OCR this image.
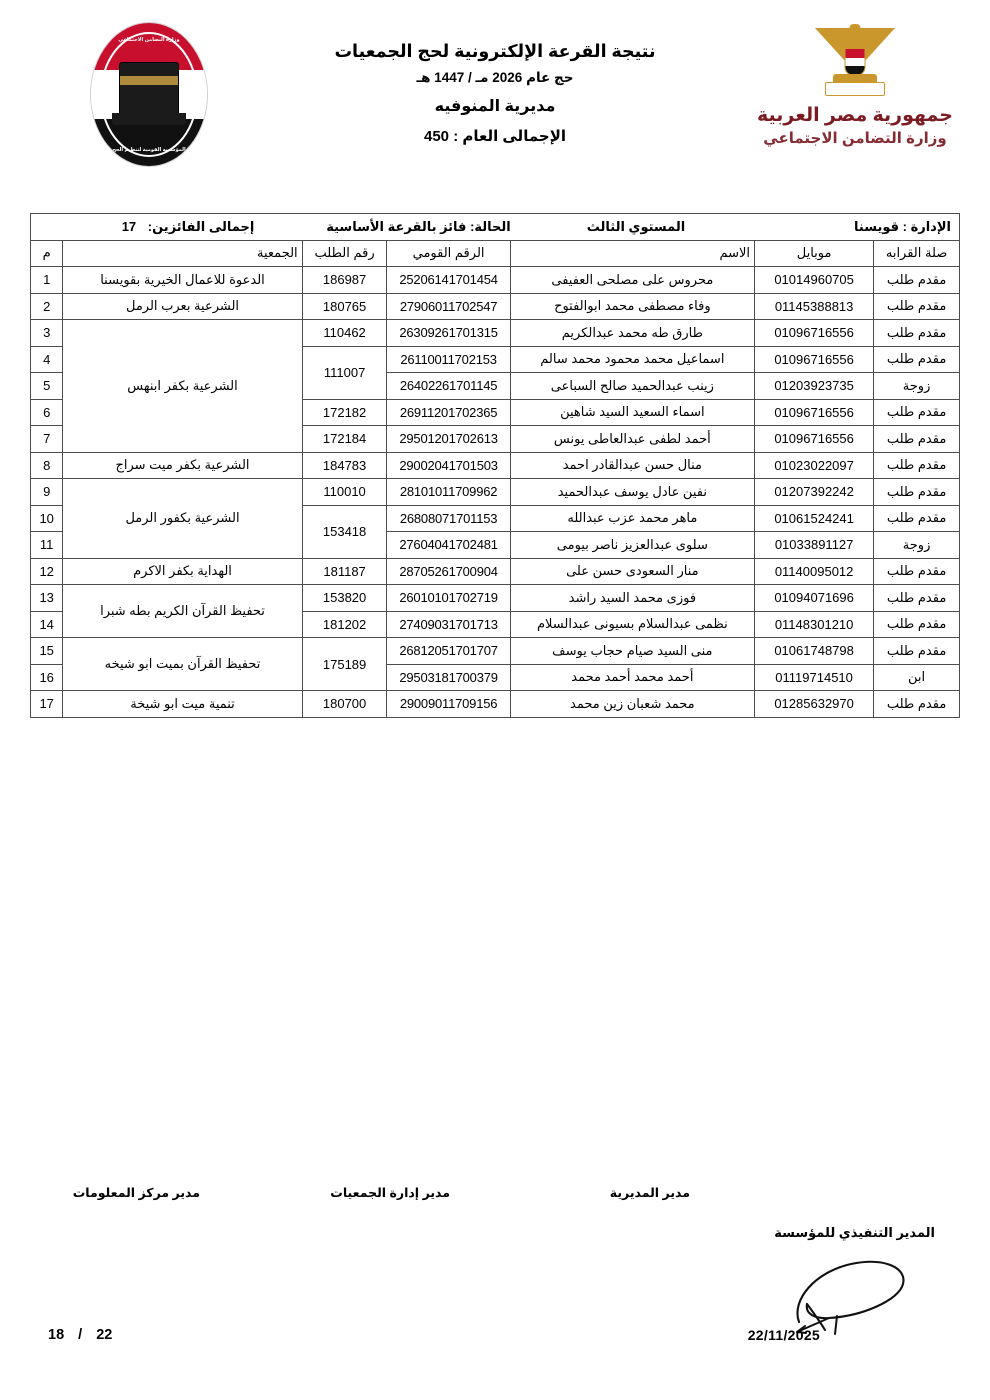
وزارة التضامن الاجتماعي
المؤسسة القومية لتنظيم الحج
نتيجة القرعة الإلكترونية لحج الجمعيات
حج عام 2026 مـ / 1447 هـ
مديرية المنوفيه
الإجمالى العام : 450
جمهورية مصر العربية
وزارة التضامن الاجتماعي
الإدارة : قويسنا
المستوي الثالث
الحالة: فائز بالقرعة الأساسية
إجمالى الفائزين: 17						

صلة القرابه	موبايل	الاسم	الرقم القومي	رقم الطلب	الجمعية	م
مقدم طلب	01014960705	محروس على مصلحى العفيفى	25206141701454	186987	الدعوة للاعمال الخيرية بقويسنا	1
مقدم طلب	01145388813	وفاء مصطفى محمد ابوالفتوح	27906011702547	180765	الشرعية بعرب الرمل	2
مقدم طلب	01096716556	طارق طه محمد عبدالكريم	26309261701315	110462	الشرعية بكفر ابنهس	3
مقدم طلب	01096716556	اسماعيل محمد محمود محمد سالم	26110011702153	111007		4
زوجة	01203923735	زينب عبدالحميد صالح السباعى	26402261701145			5
مقدم طلب	01096716556	اسماء السعيد السيد شاهين	26911201702365	172182		6
مقدم طلب	01096716556	أحمد لطفى عبدالعاطى يونس	29501201702613	172184		7
مقدم طلب	01023022097	منال حسن عبدالقادر احمد	29002041701503	184783	الشرعية بكفر ميت سراج	8
مقدم طلب	01207392242	نفين عادل يوسف عبدالحميد	28101011709962	110010	الشرعية بكفور الرمل	9
مقدم طلب	01061524241	ماهر محمد عزب عبدالله	26808071701153	153418		10
زوجة	01033891127	سلوى عبدالعزيز ناصر بيومى	27604041702481			11
مقدم طلب	01140095012	منار السعودى حسن على	28705261700904	181187	الهداية بكفر الاكرم	12
مقدم طلب	01094071696	فوزى محمد السيد راشد	26010101702719	153820	تحفيظ القرآن الكريم بطه شبرا	13
مقدم طلب	01148301210	نظمى عبدالسلام بسيونى عبدالسلام	27409031701713	181202		14
مقدم طلب	01061748798	منى السيد صيام حجاب يوسف	26812051701707	175189	تحفيظ القرآن بميت ابو شيخه	15
ابن	01119714510	أحمد محمد أحمد محمد	29503181700379			16
مقدم طلب	01285632970	محمد شعبان زين محمد	29009011709156	180700	تنمية ميت ابو شيخة	17
مدير مركز المعلومات	مدير إدارة الجمعيات	مدير المديرية
المدير التنفيذي للمؤسسة
22/11/2025
18 / 22
